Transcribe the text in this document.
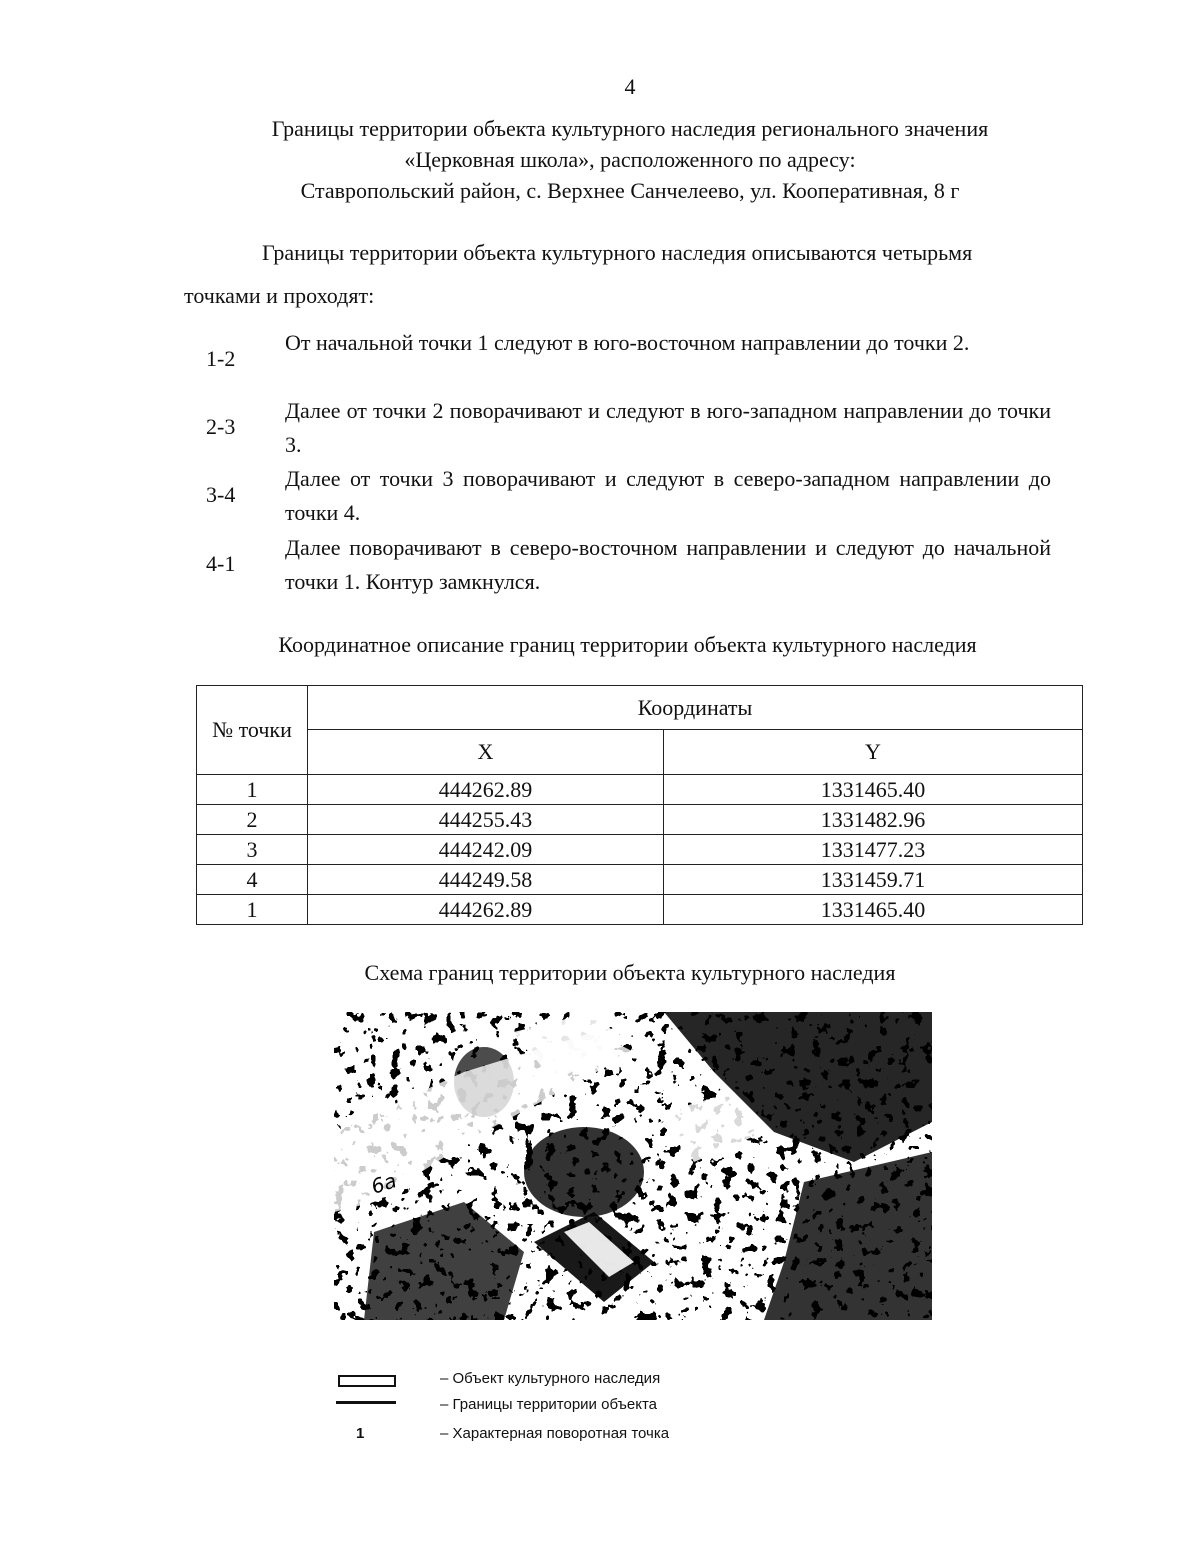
4
Границы территории объекта культурного наследия регионального значения
«Церковная школа», расположенного по адресу:
Ставропольский район, с. Верхнее Санчелеево, ул. Кооперативная, 8 г
Границы территории объекта культурного наследия описываются четырьмя
точками и проходят:
1-2
От начальной точки 1 следуют в юго-восточном направлении до точки 2.
2-3
Далее от точки 2 поворачивают и следуют в юго-западном направлении до точки 3.
3-4
Далее от точки 3 поворачивают и следуют в северо-западном направлении до точки 4.
4-1
Далее поворачивают в северо-восточном направлении и следуют до начальной точки 1. Контур замкнулся.
Координатное описание границ территории объекта культурного наследия
№ точки	Координаты	
	X	Y
1	444262.89	1331465.40
2	444255.43	1331482.96
3	444242.09	1331477.23
4	444249.58	1331459.71
1	444262.89	1331465.40
Схема границ территории объекта культурного наследия
6а
– Объект культурного наследия
– Границы территории объекта
1	– Характерная поворотная точка
